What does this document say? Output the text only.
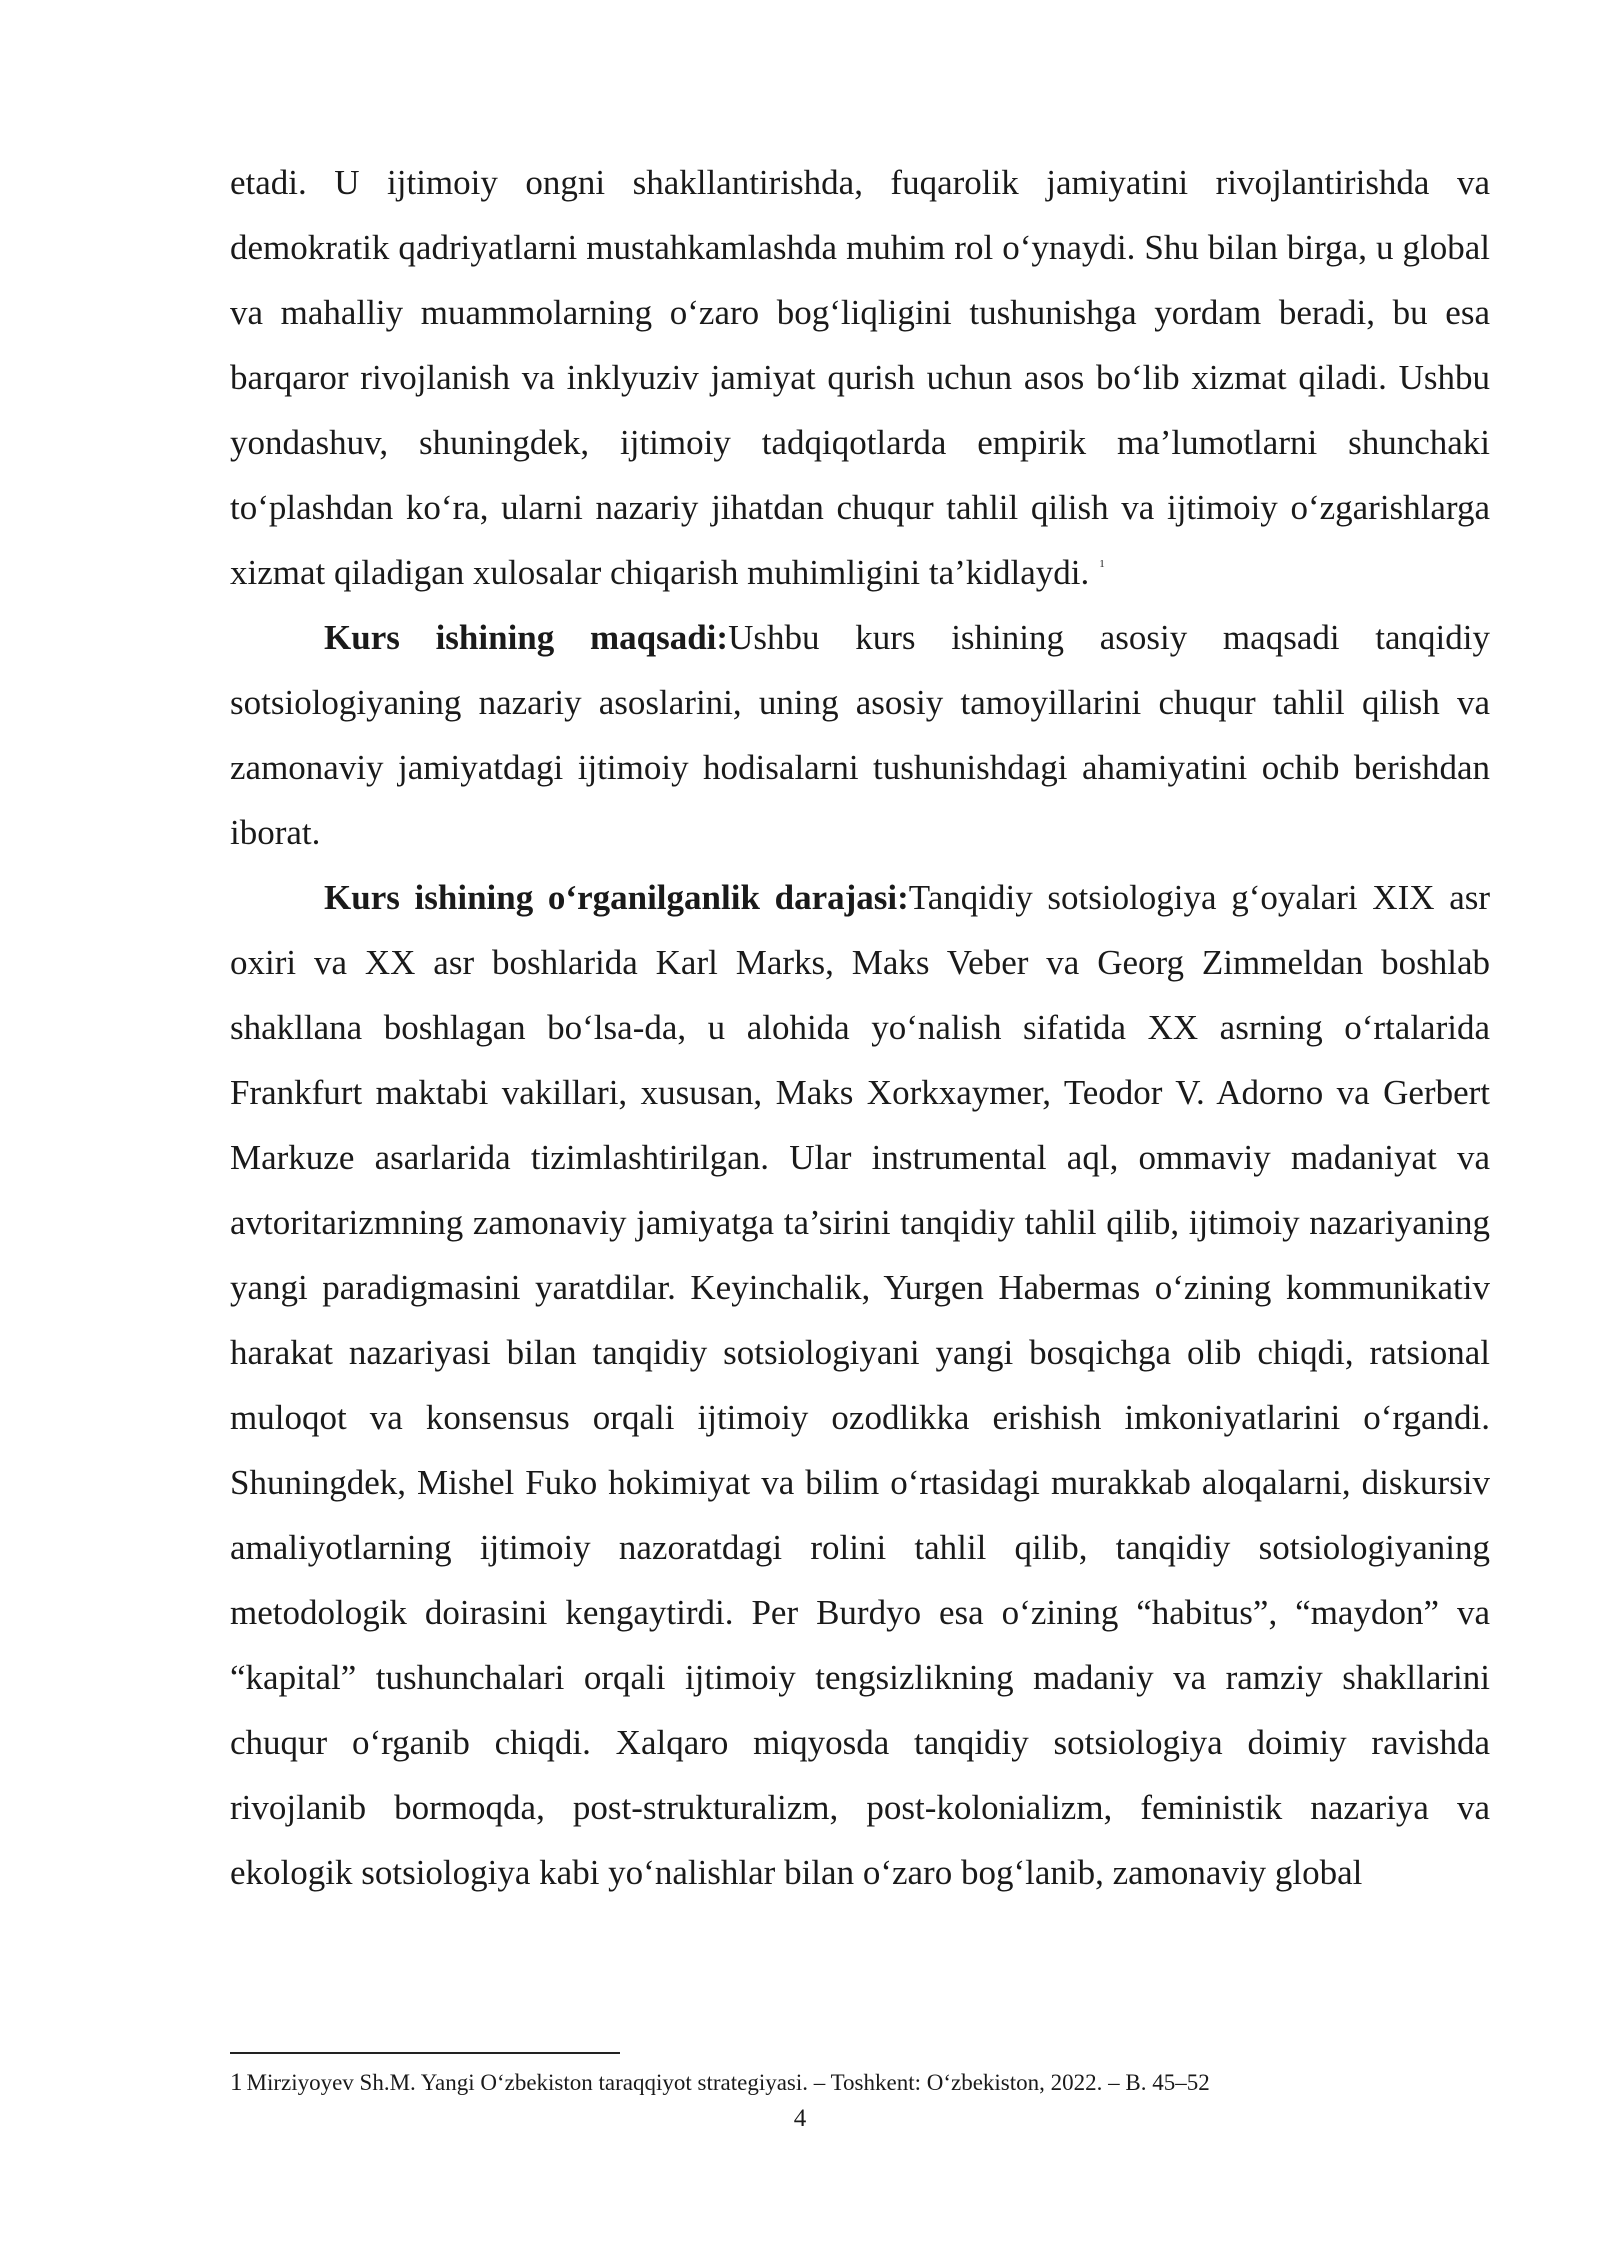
etadi. U ijtimoiy ongni shakllantirishda, fuqarolik jamiyatini rivojlantirishda va demokratik qadriyatlarni mustahkamlashda muhim rol o‘ynaydi. Shu bilan birga, u global va mahalliy muammolarning o‘zaro bog‘liqligini tushunishga yordam beradi, bu esa barqaror rivojlanish va inklyuziv jamiyat qurish uchun asos bo‘lib xizmat qiladi. Ushbu yondashuv, shuningdek, ijtimoiy tadqiqotlarda empirik ma’lumotlarni shunchaki to‘plashdan ko‘ra, ularni nazariy jihatdan chuqur tahlil qilish va ijtimoiy o‘zgarishlarga xizmat qiladigan xulosalar chiqarish muhimligini ta’kidlaydi. $^1$

Kurs ishining maqsadi:Ushbu kurs ishining asosiy maqsadi tanqidiy sotsiologiyaning nazariy asoslarini, uning asosiy tamoyillarini chuqur tahlil qilish va zamonaviy jamiyatdagi ijtimoiy hodisalarni tushunishdagi ahamiyatini ochib berishdan iborat.

Kurs ishining o‘rganilganlik darajasi:Tanqidiy sotsiologiya g‘oyalari XIX asr oxiri va XX asr boshlarida Karl Marks, Maks Veber va Georg Zimmeldan boshlab shakllana boshlagan bo‘lsa-da, u alohida yo‘nalish sifatida XX asrning o‘rtalarida Frankfurt maktabi vakillari, xususan, Maks Xorkxaymer, Teodor V. Adorno va Gerbert Markuze asarlarida tizimlashtirilgan. Ular instrumental aql, ommaviy madaniyat va avtoritarizmning zamonaviy jamiyatga ta’sirini tanqidiy tahlil qilib, ijtimoiy nazariyaning yangi paradigmasini yaratdilar. Keyinchalik, Yurgen Habermas o‘zining kommunikativ harakat nazariyasi bilan tanqidiy sotsiologiyani yangi bosqichga olib chiqdi, ratsional muloqot va konsensus orqali ijtimoiy ozodlikka erishish imkoniyatlarini o‘rgandi. Shuningdek, Mishel Fuko hokimiyat va bilim o‘rtasidagi murakkab aloqalarni, diskursiv amaliyotlarning ijtimoiy nazoratdagi rolini tahlil qilib, tanqidiy sotsiologiyaning metodologik doirasini kengaytirdi. Per Burdyo esa o‘zining “habitus”, “maydon” va “kapital” tushunchalari orqali ijtimoiy tengsizlikning madaniy va ramziy shakllarini chuqur o‘rganib chiqdi. Xalqaro miqyosda tanqidiy sotsiologiya doimiy ravishda rivojlanib bormoqda, post-strukturalizm, post-kolonializm, feministik nazariya va ekologik sotsiologiya kabi yo‘nalishlar bilan o‘zaro bog‘lanib, zamonaviy global

1 Mirziyoyev Sh.M. Yangi O‘zbekiston taraqqiyot strategiyasi. – Toshkent: O‘zbekiston, 2022. – B. 45–52
4
